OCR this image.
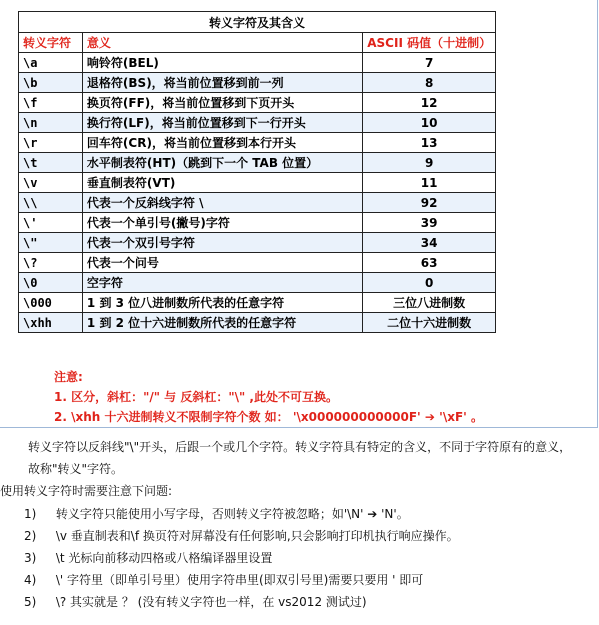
转义字符及其含义		
转义字符	意义	ASCII 码值（十进制）
\a	响铃符(BEL)	7
\b	退格符(BS)，将当前位置移到前一列	8
\f	换页符(FF)，将当前位置移到下页开头	12
\n	换行符(LF)，将当前位置移到下一行开头	10
\r	回车符(CR)，将当前位置移到本行开头	13
\t	水平制表符(HT)（跳到下一个 TAB 位置）	9
\v	垂直制表符(VT)	11
\\	代表一个反斜线字符 \	92
\'	代表一个单引号(撇号)字符	39
\"	代表一个双引号字符	34
\?	代表一个问号	63
\0	空字符	0
\000	1 到 3 位八进制数所代表的任意字符	三位八进制数
\xhh	1 到 2 位十六进制数所代表的任意字符	二位十六进制数
注意:
1. 区分，斜杠："/" 与 反斜杠："\" ,此处不可互换。
2. \xhh 十六进制转义不限制字符个数 如： '\x000000000000F' ➔ '\xF' 。
转义字符以反斜线"\"开头，后跟一个或几个字符。转义字符具有特定的含义，不同于字符原有的意义，
故称"转义"字符。
使用转义字符时需要注意下问题:
1) 转义字符只能使用小写字母，否则转义字符被忽略；如'\N' ➔ 'N'。
2) \v 垂直制表和\f 换页符对屏幕没有任何影响,只会影响打印机执行响应操作。
3) \t 光标向前移动四格或八格编译器里设置
4) \' 字符里（即单引号里）使用字符串里(即双引号里)需要只要用 ' 即可
5) \? 其实就是 ？ (没有转义字符也一样，在 vs2012 测试过)
